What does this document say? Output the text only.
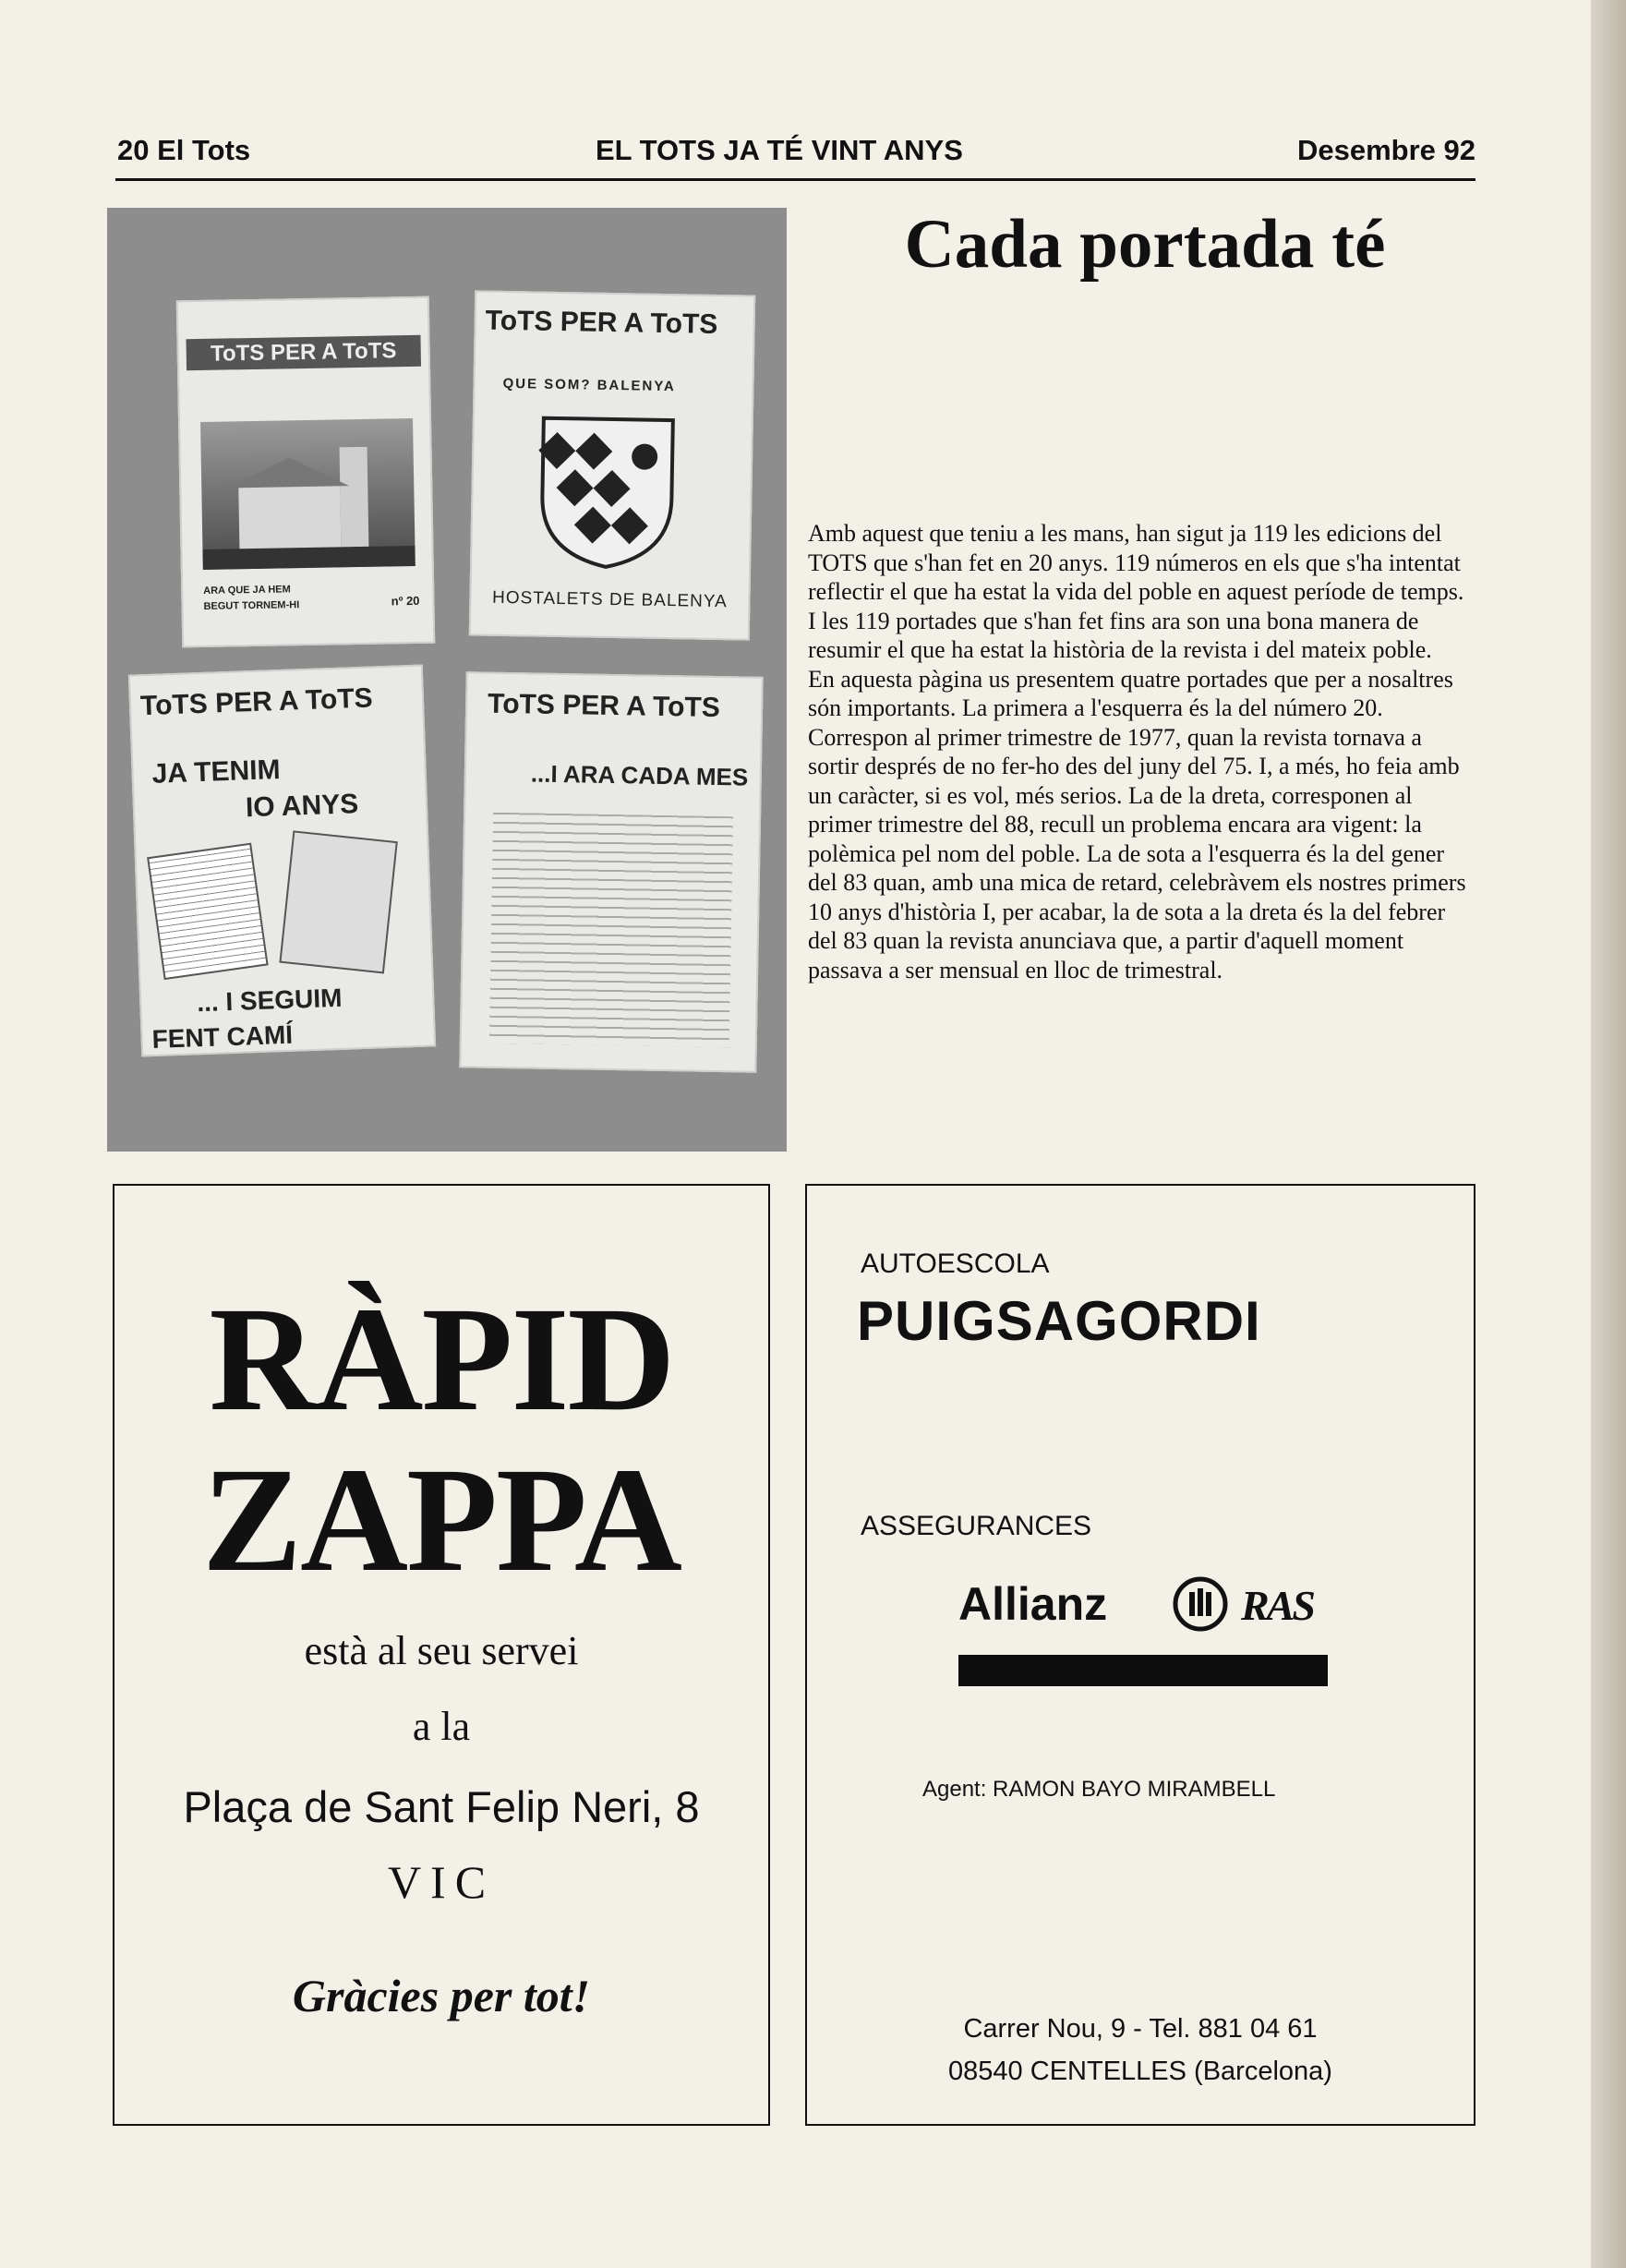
20 El Tots	EL TOTS JA TÉ VINT ANYS	Desembre 92
ToTS PER A ToTS
ARA QUE JA HEM BEGUT TORNEM-HI	nº 20
ToTS PER A ToTS
QUE SOM? BALENYA
HOSTALETS DE BALENYA
ToTS PER A ToTS
JA TENIM
IO ANYS
... I SEGUIM
FENT CAMÍ
ToTS PER A ToTS
...I ARA CADA MES
Cada portada té

Amb aquest que teniu a les mans, han sigut ja 119 les edicions del TOTS que s'han fet en 20 anys. 119 números en els que s'ha intentat reflectir el que ha estat la vida del poble en aquest període de temps. I les 119 portades que s'han fet fins ara son una bona manera de resumir el que ha estat la història de la revista i del mateix poble.

En aquesta pàgina us presentem quatre portades que per a nosaltres són importants. La primera a l'esquerra és la del número 20. Correspon al primer trimestre de 1977, quan la revista tornava a sortir després de no fer-ho des del juny del 75. I, a més, ho feia amb un caràcter, si es vol, més serios. La de la dreta, corresponen al primer trimestre del 88, recull un problema encara ara vigent: la polèmica pel nom del poble. La de sota a l'esquerra és la del gener del 83 quan, amb una mica de retard, celebràvem els nostres primers 10 anys d'història I, per acabar, la de sota a la dreta és la del febrer del 83 quan la revista anunciava que, a partir d'aquell moment passava a ser mensual en lloc de trimestral.

RÀPID
ZAPPA
està al seu servei
a la
Plaça de Sant Felip Neri, 8
VIC
Gràcies per tot!
AUTOESCOLA
PUIGSAGORDI
ASSEGURANCES
Allianz	RAS
Agent: RAMON BAYO MIRAMBELL
Carrer Nou, 9 - Tel. 881 04 61
08540 CENTELLES (Barcelona)
